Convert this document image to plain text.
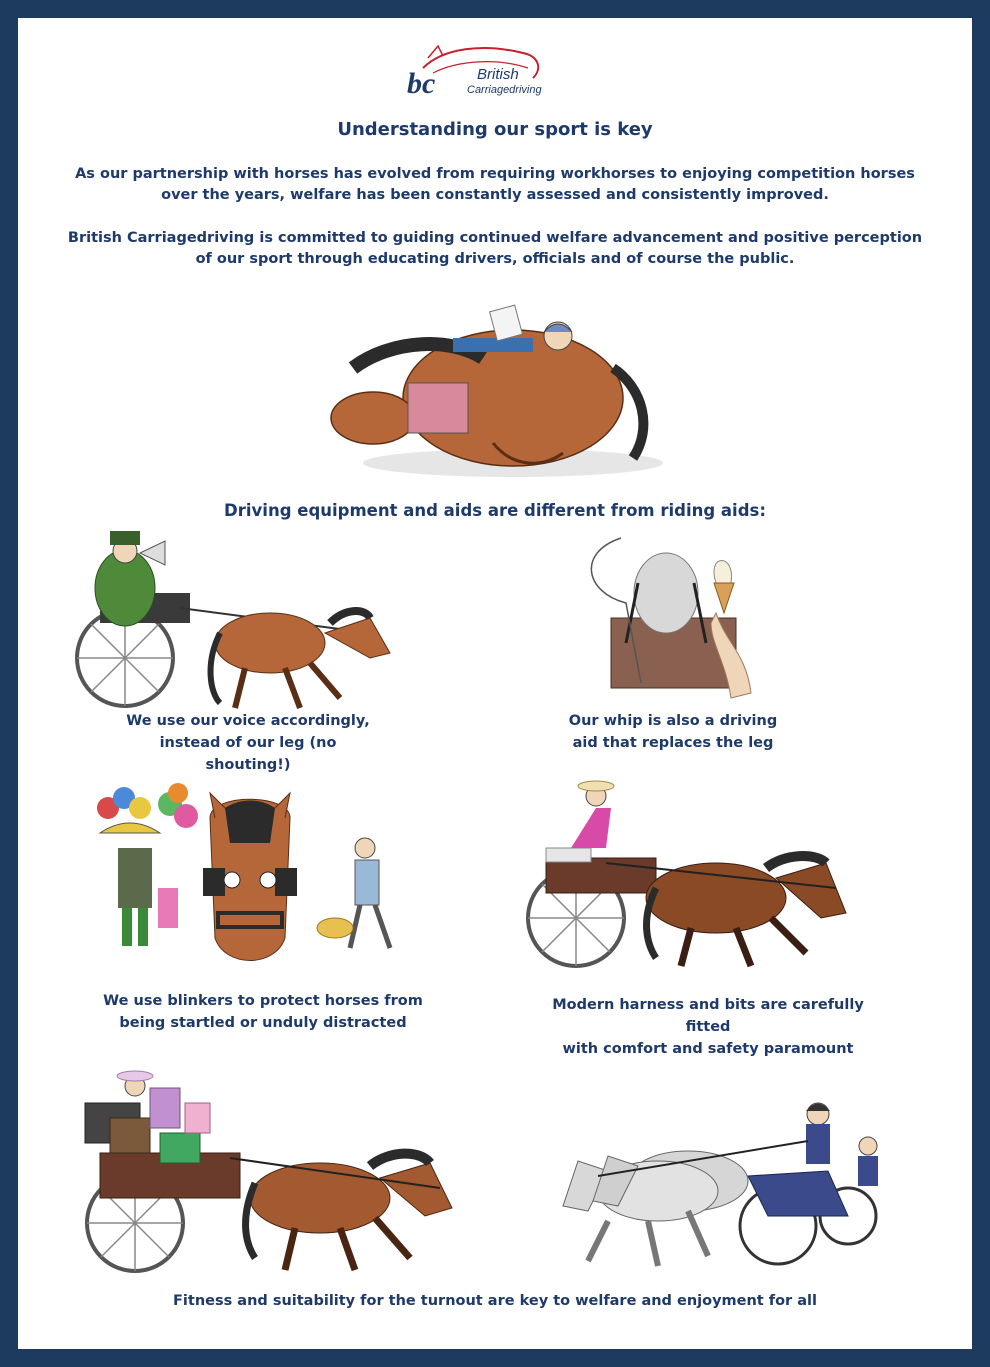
bc	British
Carriagedriving
Understanding our sport is key
As our partnership with horses has evolved from requiring workhorses to enjoying competition horses
over the years, welfare has been constantly assessed and consistently improved.
British Carriagedriving is committed to guiding continued welfare advancement and positive perception
of our sport through educating drivers, officials and of course the public.
Driving equipment and aids are different from riding aids:
We use our voice accordingly,
instead of our leg (no shouting!)
Our whip is also a driving
aid that replaces the leg
We use blinkers to protect horses from
being startled or unduly distracted
Modern harness and bits are carefully fitted
with comfort and safety paramount
Fitness and suitability for the turnout are key to welfare and enjoyment for all
